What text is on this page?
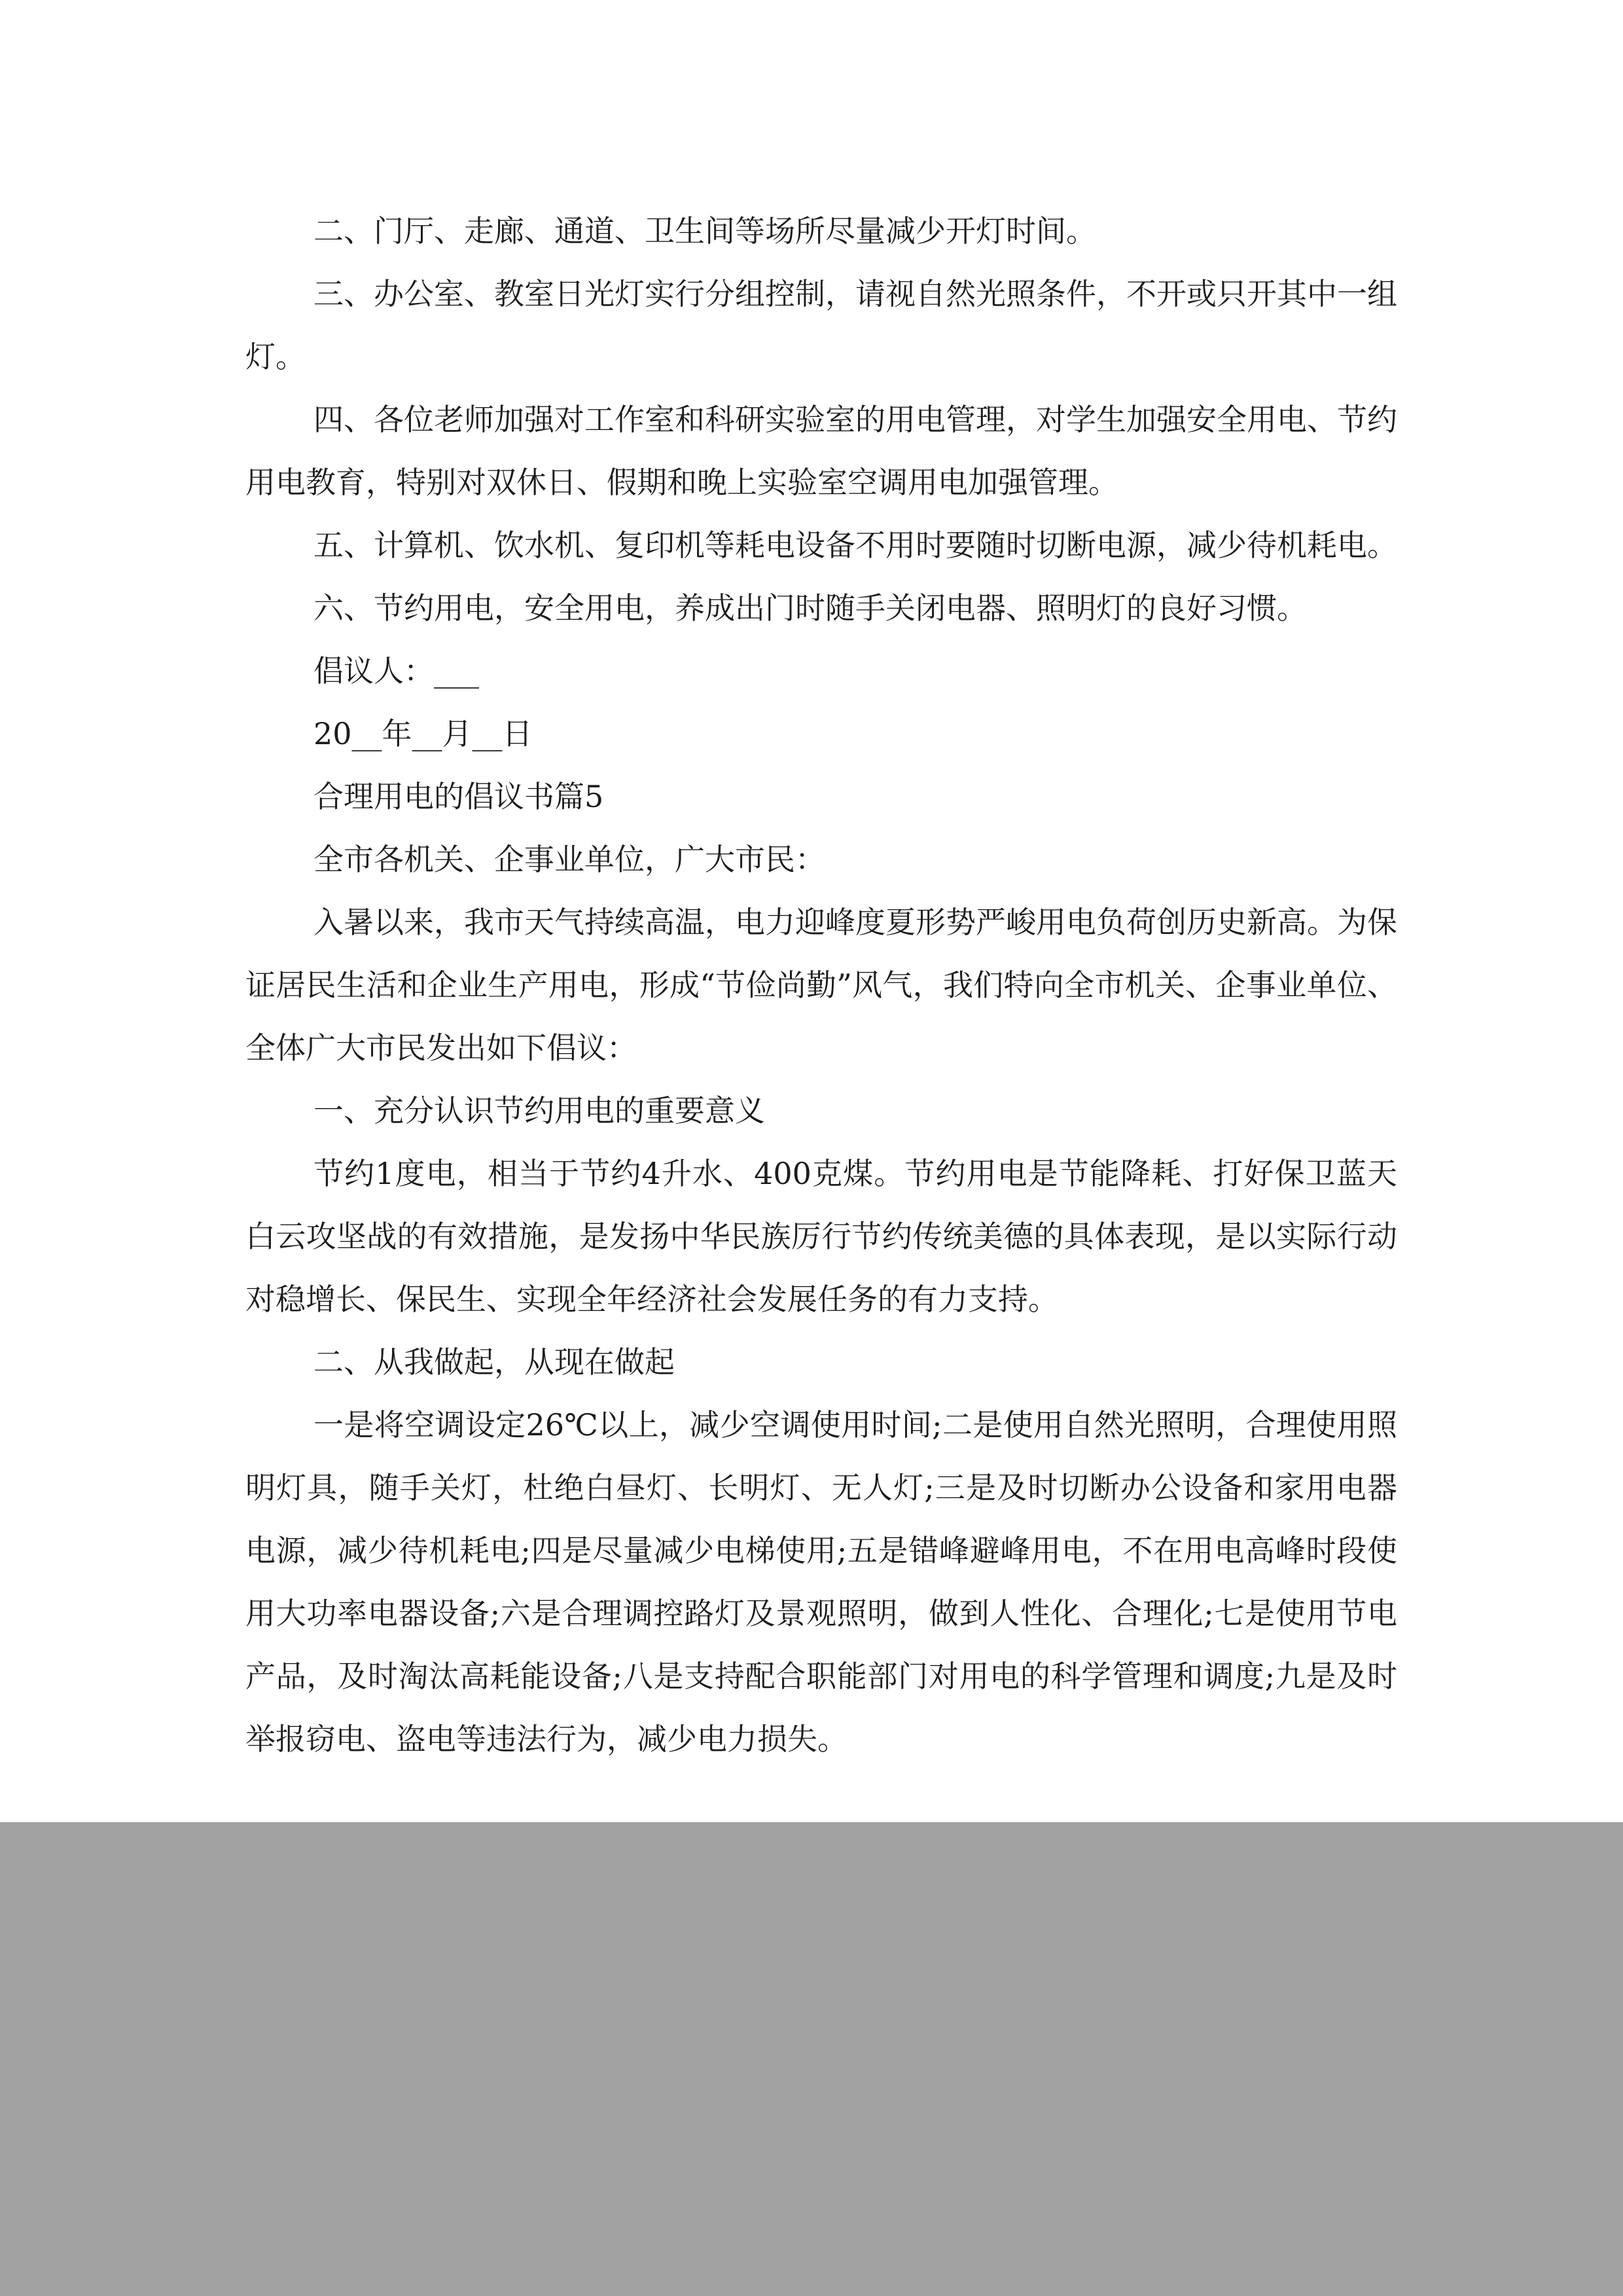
二、门厅、走廊、通道、卫生间等场所尽量减少开灯时间。

三、办公室、教室日光灯实行分组控制，请视自然光照条件，不开或只开其中一组灯。

四、各位老师加强对工作室和科研实验室的用电管理，对学生加强安全用电、节约用电教育，特别对双休日、假期和晚上实验室空调用电加强管理。

五、计算机、饮水机、复印机等耗电设备不用时要随时切断电源，减少待机耗电。

六、节约用电，安全用电，养成出门时随手关闭电器、照明灯的良好习惯。

倡议人：___

20__年__月__日

合理用电的倡议书篇5

全市各机关、企事业单位，广大市民：

入暑以来，我市天气持续高温，电力迎峰度夏形势严峻用电负荷创历史新高。为保证居民生活和企业生产用电，形成“节俭尚勤”风气，我们特向全市机关、企事业单位、全体广大市民发出如下倡议：

一、充分认识节约用电的重要意义

节约1度电，相当于节约4升水、400克煤。节约用电是节能降耗、打好保卫蓝天白云攻坚战的有效措施，是发扬中华民族厉行节约传统美德的具体表现，是以实际行动对稳增长、保民生、实现全年经济社会发展任务的有力支持。

二、从我做起，从现在做起

一是将空调设定26℃以上，减少空调使用时间;二是使用自然光照明，合理使用照明灯具，随手关灯，杜绝白昼灯、长明灯、无人灯;三是及时切断办公设备和家用电器电源，减少待机耗电;四是尽量减少电梯使用;五是错峰避峰用电，不在用电高峰时段使用大功率电器设备;六是合理调控路灯及景观照明，做到人性化、合理化;七是使用节电产品，及时淘汰高耗能设备;八是支持配合职能部门对用电的科学管理和调度;九是及时举报窃电、盗电等违法行为，减少电力损失。
